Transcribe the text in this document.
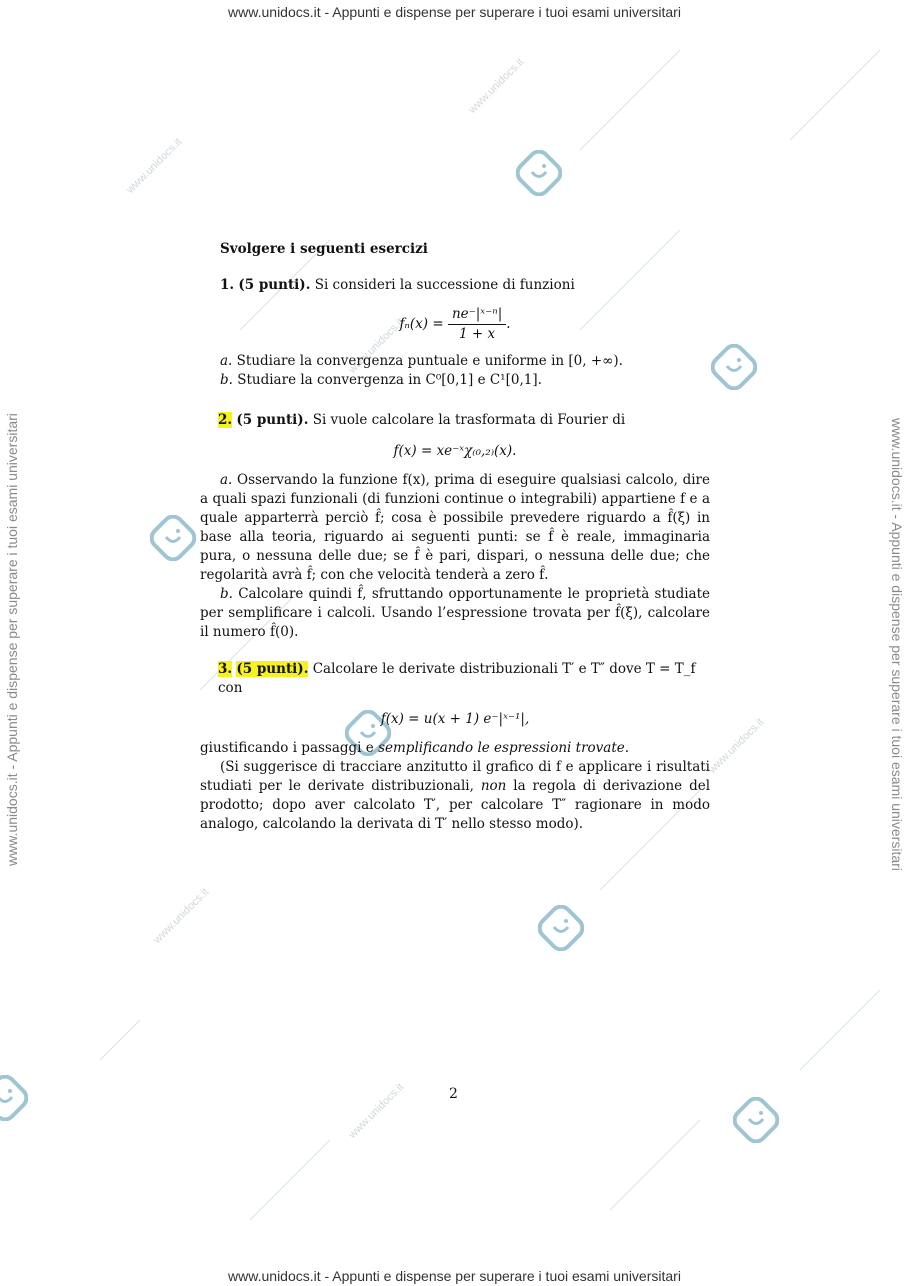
www.unidocs.it
www.unidocs.it
www.unidocs.it
www.unidocs.it
www.unidocs.it
www.unidocs.it
www.unidocs.it - Appunti e dispense per superare i tuoi esami universitari
www.unidocs.it - Appunti e dispense per superare i tuoi esami universitari
www.unidocs.it - Appunti e dispense per superare i tuoi esami universitari	www.unidocs.it - Appunti e dispense per superare i tuoi esami universitari
Svolgere i seguenti esercizi
1. (5 punti). Si consideri la successione di funzioni
$f_n(x) = \frac{\text{ne⁻|ˣ⁻ⁿ|}}{1 + x}$ .
a. Studiare la convergenza puntuale e uniforme in [0, +∞).
b. Studiare la convergenza in C⁰[0,1] e C¹[0,1].
2. (5 punti). Si vuole calcolare la trasformata di Fourier di
f(x) = xe⁻ˣχ₍₀,₂₎(x).
a. Osservando la funzione f(x), prima di eseguire qualsiasi calcolo, dire a quali spazi funzionali (di funzioni continue o integrabili) appartiene f e a quale apparterrà perciò f̂; cosa è possibile prevedere riguardo a f̂(ξ) in base alla teoria, riguardo ai seguenti punti: se f̂ è reale, immaginaria pura, o nessuna delle due; se f̂ è pari, dispari, o nessuna delle due; che regolarità avrà f̂; con che velocità tenderà a zero f̂.
b. Calcolare quindi f̂, sfruttando opportunamente le proprietà studiate per semplificare i calcoli. Usando l’espressione trovata per f̂(ξ), calcolare il numero f̂(0).
3. (5 punti). Calcolare le derivate distribuzionali T′ e T″ dove T = T_f con
f(x) = u(x + 1) e⁻|ˣ⁻¹|,
giustificando i passaggi e semplificando le espressioni trovate.
(Si suggerisce di tracciare anzitutto il grafico di f e applicare i risultati studiati per le derivate distribuzionali, non la regola di derivazione del prodotto; dopo aver calcolato T′, per calcolare T″ ragionare in modo analogo, calcolando la derivata di T′ nello stesso modo).
2
